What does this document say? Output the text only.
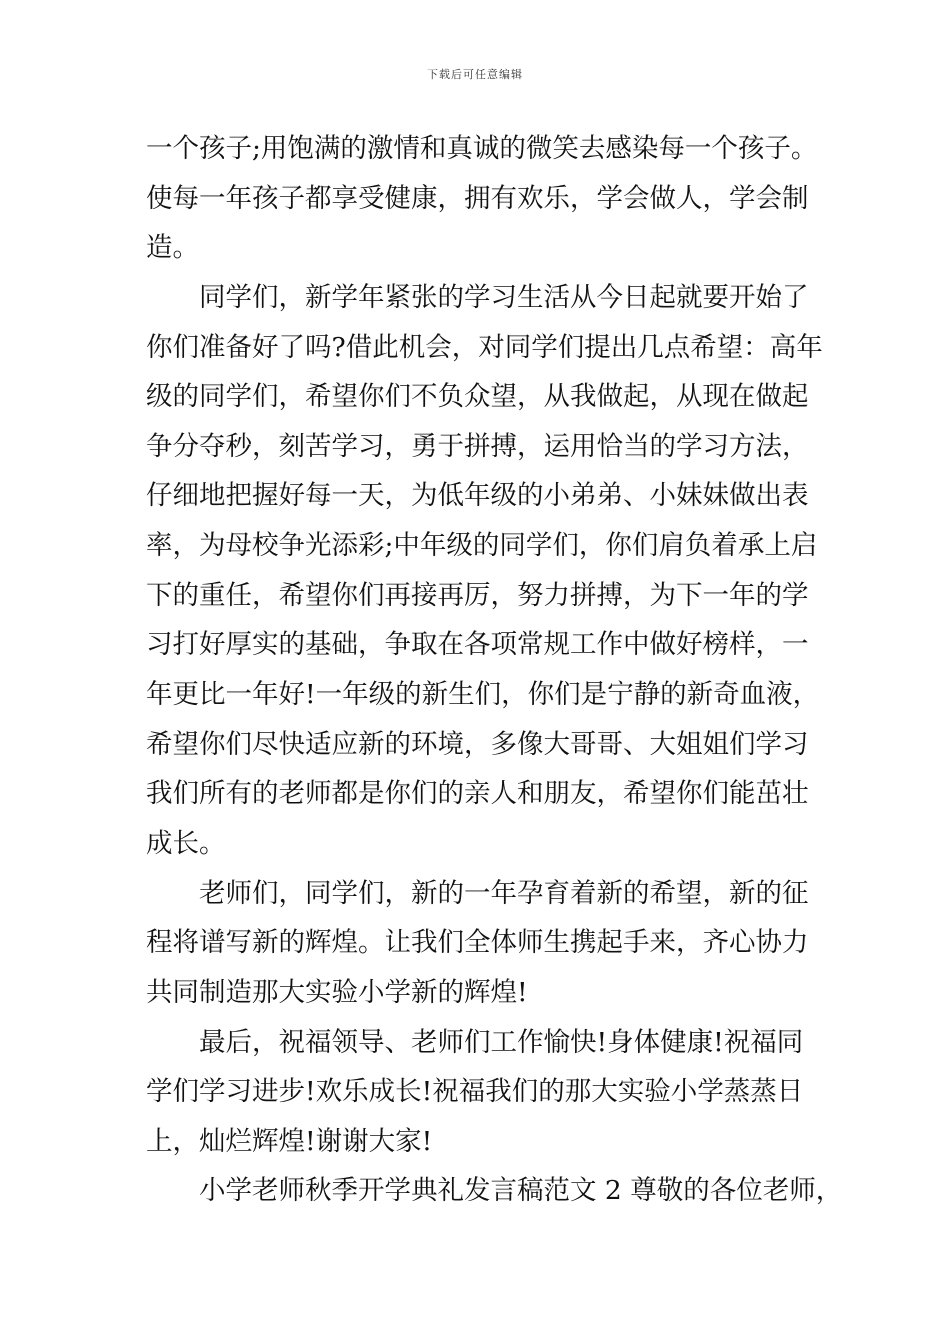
下载后可任意编辑
一个孩子;用饱满的激情和真诚的微笑去感染每一个孩子。
使每一年孩子都享受健康，拥有欢乐，学会做人，学会制
造。
同学们，新学年紧张的学习生活从今日起就要开始了
你们准备好了吗?借此机会，对同学们提出几点希望：高年
级的同学们，希望你们不负众望，从我做起，从现在做起
争分夺秒，刻苦学习，勇于拼搏，运用恰当的学习方法，
仔细地把握好每一天，为低年级的小弟弟、小妹妹做出表
率，为母校争光添彩;中年级的同学们，你们肩负着承上启
下的重任，希望你们再接再厉，努力拼搏，为下一年的学
习打好厚实的基础，争取在各项常规工作中做好榜样，一
年更比一年好!一年级的新生们，你们是宁静的新奇血液，
希望你们尽快适应新的环境，多像大哥哥、大姐姐们学习
我们所有的老师都是你们的亲人和朋友，希望你们能茁壮
成长。
老师们，同学们，新的一年孕育着新的希望，新的征
程将谱写新的辉煌。让我们全体师生携起手来，齐心协力
共同制造那大实验小学新的辉煌!
最后，祝福领导、老师们工作愉快!身体健康!祝福同
学们学习进步!欢乐成长!祝福我们的那大实验小学蒸蒸日
上，灿烂辉煌!谢谢大家!
小学老师秋季开学典礼发言稿范文 2 尊敬的各位老师，
